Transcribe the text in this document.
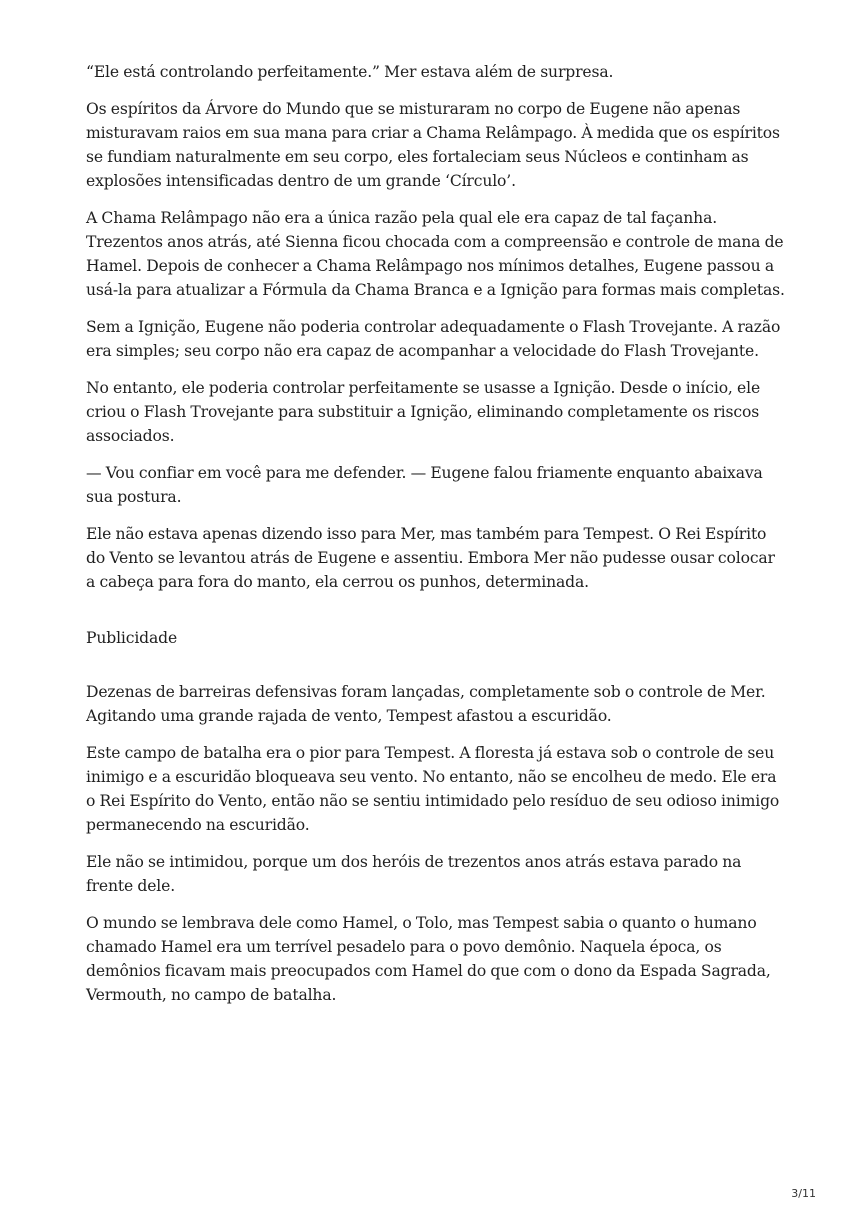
“Ele está controlando perfeitamente.” Mer estava além de surpresa.

Os espíritos da Árvore do Mundo que se misturaram no corpo de Eugene não apenas misturavam raios em sua mana para criar a Chama Relâmpago. À medida que os espíritos se fundiam naturalmente em seu corpo, eles fortaleciam seus Núcleos e continham as explosões intensificadas dentro de um grande ‘Círculo’.

A Chama Relâmpago não era a única razão pela qual ele era capaz de tal façanha. Trezentos anos atrás, até Sienna ficou chocada com a compreensão e controle de mana de Hamel. Depois de conhecer a Chama Relâmpago nos mínimos detalhes, Eugene passou a usá-la para atualizar a Fórmula da Chama Branca e a Ignição para formas mais completas.

Sem a Ignição, Eugene não poderia controlar adequadamente o Flash Trovejante. A razão era simples; seu corpo não era capaz de acompanhar a velocidade do Flash Trovejante.

No entanto, ele poderia controlar perfeitamente se usasse a Ignição. Desde o início, ele criou o Flash Trovejante para substituir a Ignição, eliminando completamente os riscos associados.

— Vou confiar em você para me defender. — Eugene falou friamente enquanto abaixava sua postura.

Ele não estava apenas dizendo isso para Mer, mas também para Tempest. O Rei Espírito do Vento se levantou atrás de Eugene e assentiu. Embora Mer não pudesse ousar colocar a cabeça para fora do manto, ela cerrou os punhos, determinada.

Publicidade

Dezenas de barreiras defensivas foram lançadas, completamente sob o controle de Mer. Agitando uma grande rajada de vento, Tempest afastou a escuridão.

Este campo de batalha era o pior para Tempest. A floresta já estava sob o controle de seu inimigo e a escuridão bloqueava seu vento. No entanto, não se encolheu de medo. Ele era o Rei Espírito do Vento, então não se sentiu intimidado pelo resíduo de seu odioso inimigo permanecendo na escuridão.

Ele não se intimidou, porque um dos heróis de trezentos anos atrás estava parado na frente dele.

O mundo se lembrava dele como Hamel, o Tolo, mas Tempest sabia o quanto o humano chamado Hamel era um terrível pesadelo para o povo demônio. Naquela época, os demônios ficavam mais preocupados com Hamel do que com o dono da Espada Sagrada, Vermouth, no campo de batalha.

3/11
